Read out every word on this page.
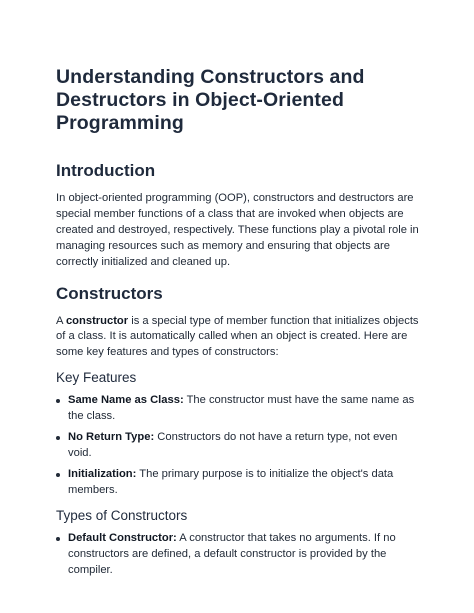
Understanding Constructors and Destructors in Object-Oriented Programming
Introduction

In object-oriented programming (OOP), constructors and destructors are special member functions of a class that are invoked when objects are created and destroyed, respectively. These functions play a pivotal role in managing resources such as memory and ensuring that objects are correctly initialized and cleaned up.

Constructors

A constructor is a special type of member function that initializes objects of a class. It is automatically called when an object is created. Here are some key features and types of constructors:

Key Features
Same Name as Class: The constructor must have the same name as the class.
No Return Type: Constructors do not have a return type, not even void.
Initialization: The primary purpose is to initialize the object's data members.
Types of Constructors
Default Constructor: A constructor that takes no arguments. If no constructors are defined, a default constructor is provided by the compiler.
